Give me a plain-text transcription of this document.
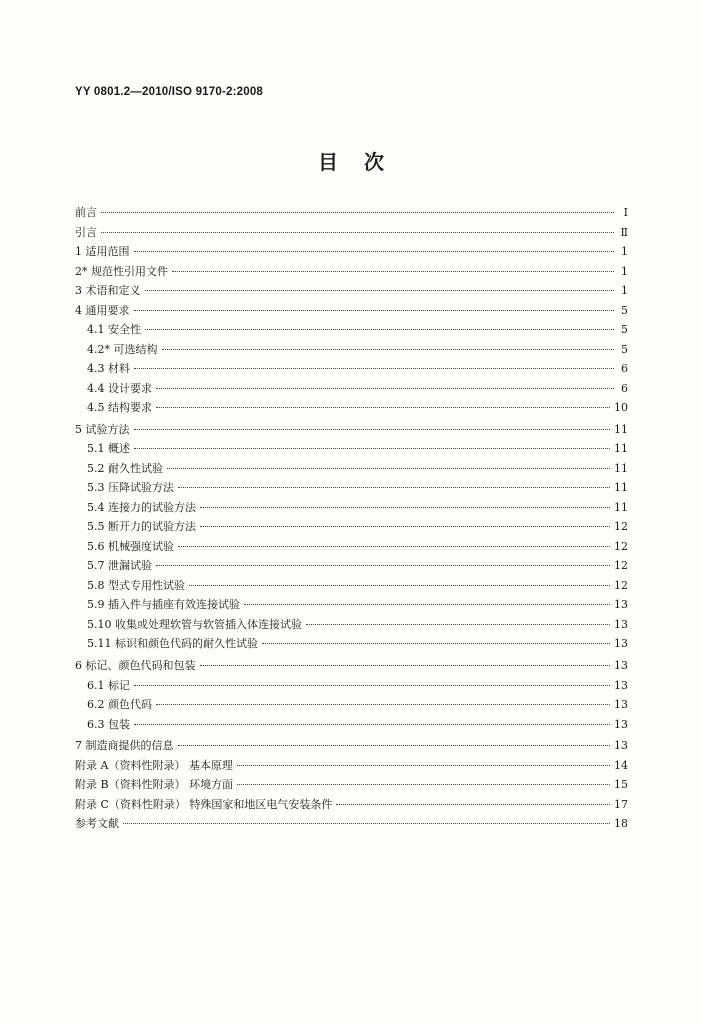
YY 0801.2—2010/ISO 9170-2:2008
目次
前言	Ⅰ
引言	Ⅱ
1 适用范围	1
2* 规范性引用文件	1
3 术语和定义	1
4 通用要求	5
4.1 安全性	5
4.2* 可选结构	5
4.3 材料	6
4.4 设计要求	6
4.5 结构要求	10
5 试验方法	11
5.1 概述	11
5.2 耐久性试验	11
5.3 压降试验方法	11
5.4 连接力的试验方法	11
5.5 断开力的试验方法	12
5.6 机械强度试验	12
5.7 泄漏试验	12
5.8 型式专用性试验	12
5.9 插入件与插座有效连接试验	13
5.10 收集或处理软管与软管插入体连接试验	13
5.11 标识和颜色代码的耐久性试验	13
6 标记、颜色代码和包装	13
6.1 标记	13
6.2 颜色代码	13
6.3 包装	13
7 制造商提供的信息	13
附录 A（资料性附录） 基本原理	14
附录 B（资料性附录） 环境方面	15
附录 C（资料性附录） 特殊国家和地区电气安装条件	17
参考文献	18
